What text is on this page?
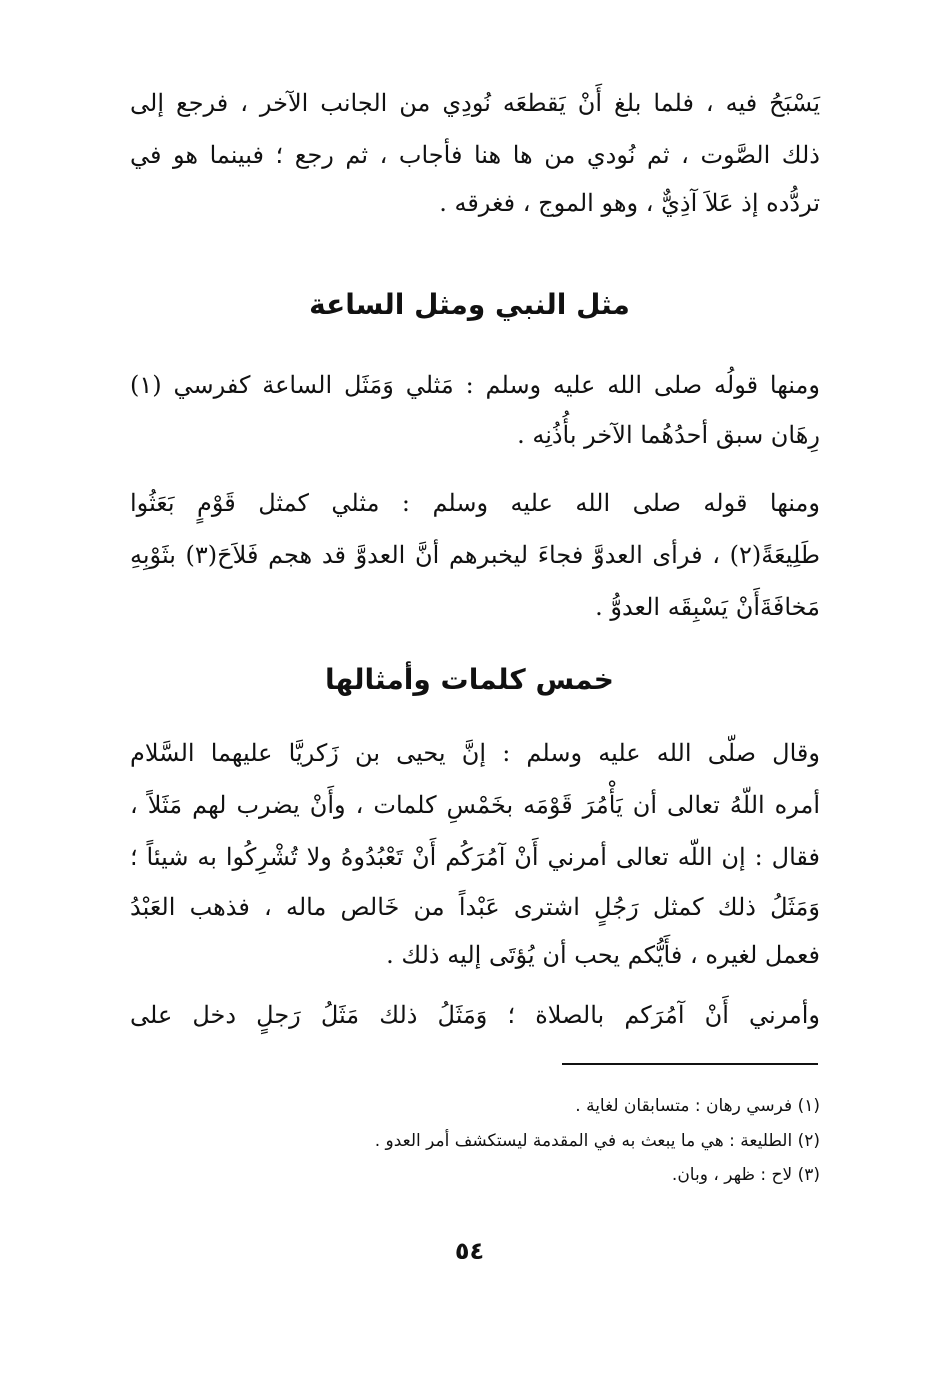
يَسْبَحُ فيه ، فلما بلغ أَنْ يَقطعَه نُودِي من الجانب الآخر ، فرجع إلى
ذلك الصَّوت ، ثم نُودي من ها هنا فأجاب ، ثم رجع ؛ فبينما هو في
تردُّده إذ عَلاَ آذِيٌّ ، وهو الموج ، فغرقه .
مثل النبي ومثل الساعة
ومنها قولُه صلى الله عليه وسلم : مَثلي وَمَثَل الساعة كفرسي (١)
رِهَان سبق أحدُهُما الآخر بأُذُنِه .
ومنها قوله صلى الله عليه وسلم : مثلي كمثل قَوْمٍ بَعَثُوا
طَلِيعَةً(٢) ، فرأى العدوَّ فجاءَ ليخبرهم أنَّ العدوَّ قد هجم فَلاَحَ(٣) بثَوْبِهِ
مَخافَةَأَنْ يَسْبِقَه العدوُّ .
خمس كلمات وأمثالها
وقال صلّى الله عليه وسلم : إنَّ يحيى بن زَكريَّا عليهما السَّلام
أمره اللّهُ تعالى أن يَأْمُرَ قَوْمَه بخَمْسِ كلمات ، وأَنْ يضرب لهم مَثَلاً ،
فقال : إن اللّه تعالى أمرني أَنْ آمُرَكُم أَنْ تَعْبُدُوهُ ولا تُشْرِكُوا به شيئاً ؛
وَمَثَلُ ذلك كمثل رَجُلٍ اشترى عَبْداً من خَالص ماله ، فذهب العَبْدُ
فعمل لغيره ، فأَيُّكم يحب أن يُؤتَى إليه ذلك .
وأمرني أَنْ آمُرَكم بالصلاة ؛ وَمَثَلُ ذلك مَثَلُ رَجلٍ دخل على
(١) فرسي رهان : متسابقان لغاية .
(٢) الطليعة : هي ما يبعث به في المقدمة ليستكشف أمر العدو .
(٣) لاح : ظهر ، وبان.
٥٤
